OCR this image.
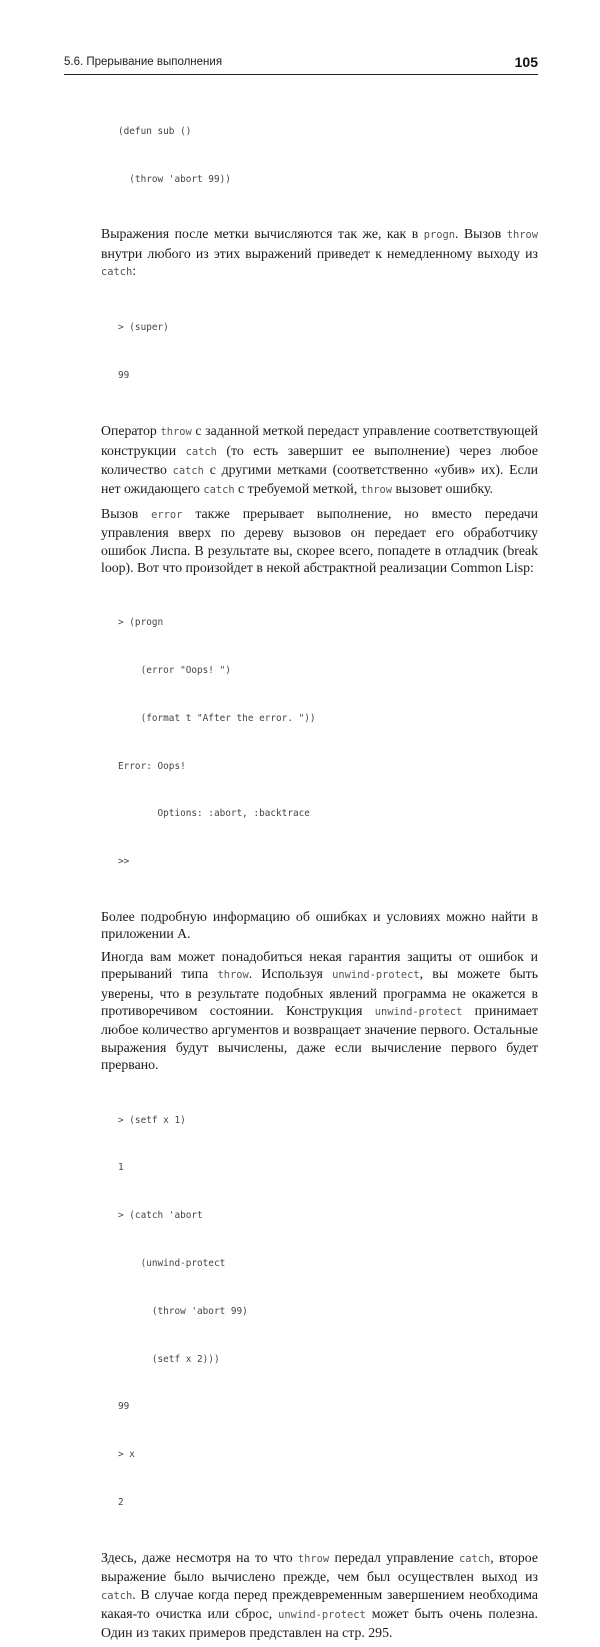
5.6. Прерывание выполнения	105

(defun sub ()

(throw 'abort 99))

Выражения после метки вычисляются так же, как в progn. Вызов throw внутри любого из этих выражений приведет к немедленному выходу из catch:

> (super)

99

Оператор throw с заданной меткой передаст управление соответствующей конструкции catch (то есть завершит ее выполнение) через любое количество catch с другими метками (соответственно «убив» их). Если нет ожидающего catch с требуемой меткой, throw вызовет ошибку.

Вызов error также прерывает выполнение, но вместо передачи управления вверх по дереву вызовов он передает его обработчику ошибок Лиспа. В результате вы, скорее всего, попадете в отладчик (break loop). Вот что произойдет в некой абстрактной реализации Common Lisp:

> (progn

(error "Oops! ")

(format t "After the error. "))

Error: Oops!

Options: :abort, :backtrace

>>

Более подробную информацию об ошибках и условиях можно найти в приложении A.

Иногда вам может понадобиться некая гарантия защиты от ошибок и прерываний типа throw. Используя unwind-protect, вы можете быть уверены, что в результате подобных явлений программа не окажется в противоречивом состоянии. Конструкция unwind-protect принимает любое количество аргументов и возвращает значение первого. Остальные выражения будут вычислены, даже если вычисление первого будет прервано.

> (setf x 1)

1

> (catch 'abort

(unwind-protect

(throw 'abort 99)

(setf x 2)))

99

> x

2

Здесь, даже несмотря на то что throw передал управление catch, второе выражение было вычислено прежде, чем был осуществлен выход из catch. В случае когда перед преждевременным завершением необходима какая-то очистка или сброс, unwind-protect может быть очень полезна. Один из таких примеров представлен на стр. 295.
